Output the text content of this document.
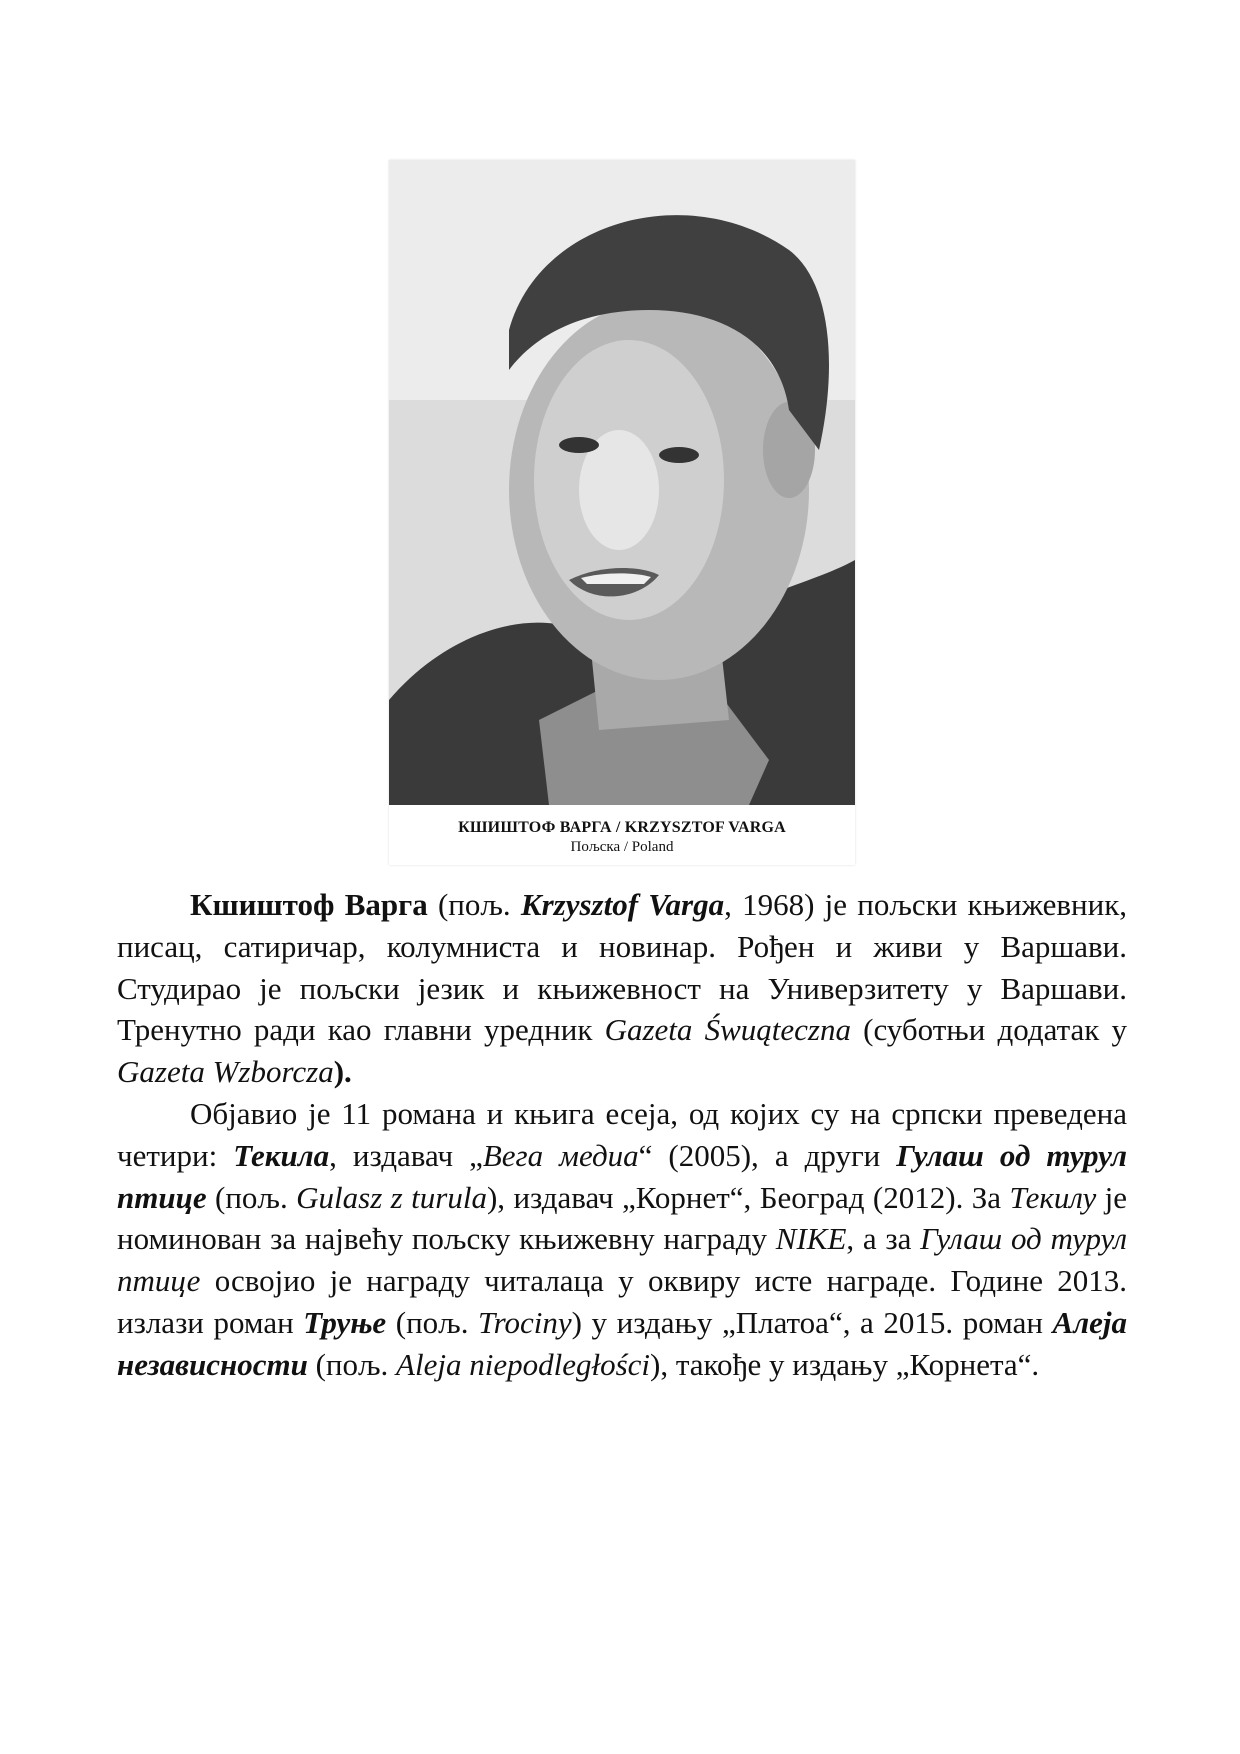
КШИШТОФ ВАРГА / KRZYSZTOF VARGA
Пољска / Poland

Кшиштоф Варга (пољ. Krzysztof Varga, 1968) је пољски књижевник, писац, сатиричар, колумниста и новинар. Рођен и живи у Варшави. Студирао је пољски језик и књижевност на Универзитету у Варшави. Тренутно ради као главни уредник Gazeta Śwuąteczna (суботњи додатак у Gazeta Wzborcza).

Објавио је 11 романа и књига есеја, од којих су на српски преведена четири: Текила, издавач „Вега медиа“ (2005), а други Гулаш од турул птице (пољ. Gulasz z turula), издавач „Корнет“, Београд (2012). За Текилу је номинован за највећу пољску књижевну награду NIKE, а за Гулаш од турул птице освојио је награду читалаца у оквиру исте награде. Године 2013. излази роман Труње (пољ. Trociny) у издању „Платоа“, а 2015. роман Алеја независности (пољ. Aleja niepodległości), такође у издању „Корнета“.
